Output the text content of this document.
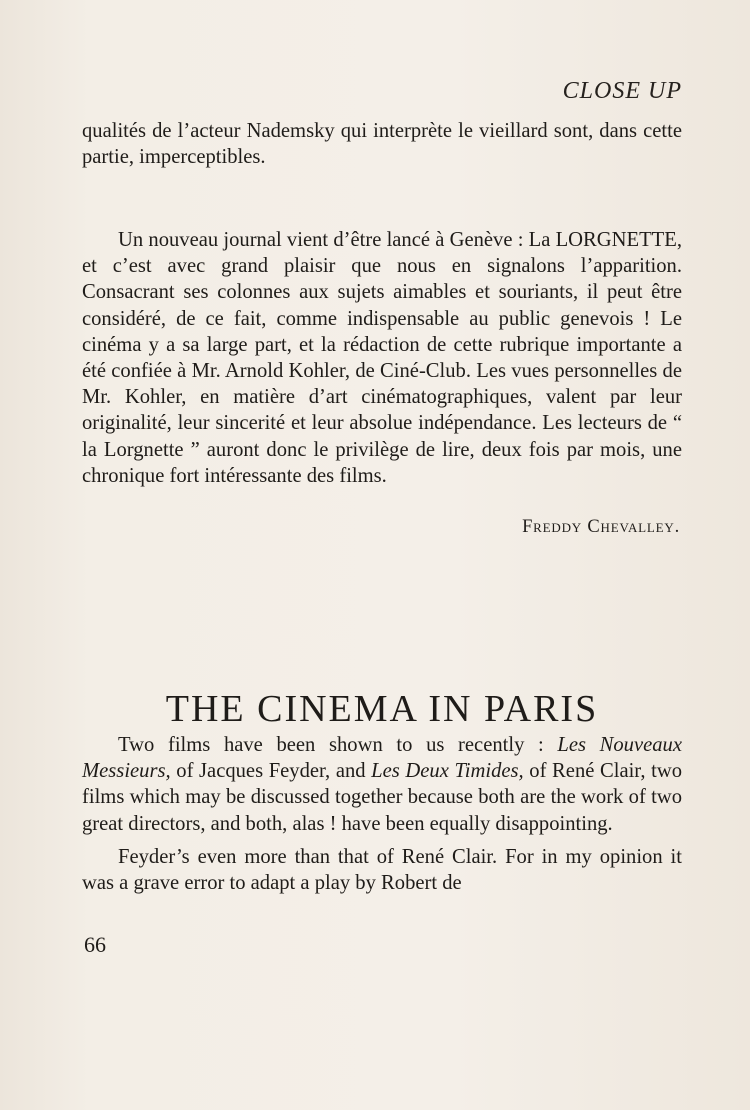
CLOSE UP

qualités de l’acteur Nademsky qui interprète le vieillard sont, dans cette partie, imperceptibles.

Un nouveau journal vient d’être lancé à Genève : La LORGNETTE, et c’est avec grand plaisir que nous en signalons l’apparition. Consacrant ses colonnes aux sujets aimables et souriants, il peut être considéré, de ce fait, comme indispensable au public genevois ! Le cinéma y a sa large part, et la rédaction de cette rubrique importante a été confiée à Mr. Arnold Kohler, de Ciné-Club. Les vues personnelles de Mr. Kohler, en matière d’art cinématographiques, valent par leur originalité, leur sincerité et leur absolue indépendance. Les lecteurs de “ la Lorgnette ” auront donc le privilège de lire, deux fois par mois, une chronique fort intéressante des films.

Freddy Chevalley.
THE CINEMA IN PARIS

Two films have been shown to us recently : Les Nouveaux Messieurs, of Jacques Feyder, and Les Deux Timides, of René Clair, two films which may be discussed together because both are the work of two great directors, and both, alas ! have been equally disappointing.

Feyder’s even more than that of René Clair. For in my opinion it was a grave error to adapt a play by Robert de

66
